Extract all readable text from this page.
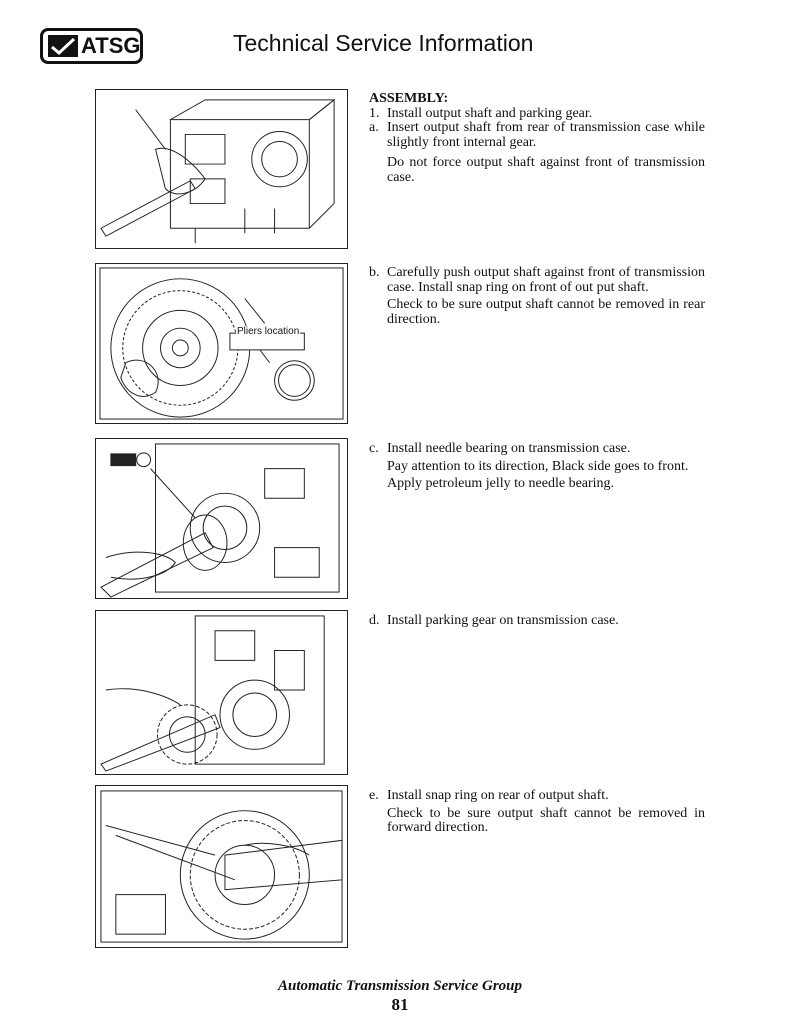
ATSG	Technical Service Information

ASSEMBLY:

1. Install output shaft and parking gear.
a. Insert output shaft from rear of transmission case while slightly front internal gear.

Do not force output shaft against front of transmission case.

Pliers location
b. Carefully push output shaft against front of transmission case. Install snap ring on front of out put shaft.

Check to be sure output shaft cannot be removed in rear direction.

c. Install needle bearing on transmission case.

Pay attention to its direction, Black side goes to front.

Apply petroleum jelly to needle bearing.

d. Install parking gear on transmission case.
e. Install snap ring on rear of output shaft.

Check to be sure output shaft cannot be removed in forward direction.

Automatic Transmission Service Group
81
